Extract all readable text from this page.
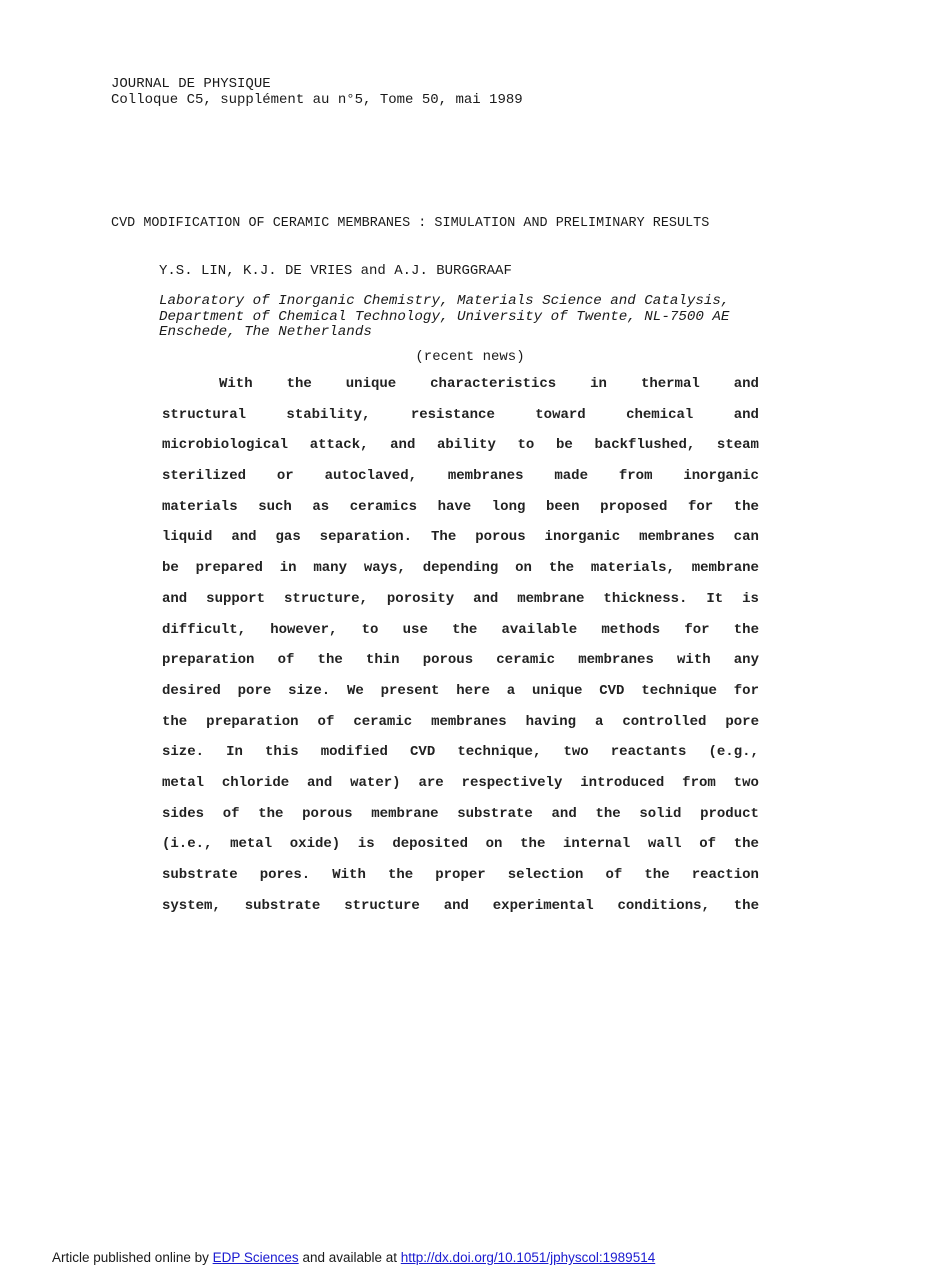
JOURNAL DE PHYSIQUE
Colloque C5, supplément au n°5, Tome 50, mai 1989
CVD MODIFICATION OF CERAMIC MEMBRANES : SIMULATION AND PRELIMINARY RESULTS
Y.S. LIN, K.J. DE VRIES and A.J. BURGGRAAF
Laboratory of Inorganic Chemistry, Materials Science and Catalysis,
Department of Chemical Technology, University of Twente, NL-7500 AE
Enschede, The Netherlands
(recent news)
With the unique characteristics in thermal and
structural	stability,	resistance	toward	chemical	and
microbiological attack, and ability to be backflushed, steam
sterilized or autoclaved, membranes made from inorganic
materials such as ceramics have long been proposed for the
liquid and gas separation. The porous inorganic membranes can
be prepared in many ways, depending on the materials, membrane
and support structure, porosity and membrane thickness. It is
difficult, however, to use the available methods for the
preparation of the thin porous ceramic membranes with any
desired pore size. We present here a unique CVD technique for
the preparation of ceramic membranes having a controlled pore
size. In this modified CVD technique, two reactants (e.g.,
metal chloride and water) are respectively introduced from two
sides of the porous membrane substrate and the solid product
(i.e., metal oxide) is deposited on the internal wall of the
substrate pores. With the proper selection of the reaction
system, substrate structure and experimental conditions, the
Article published online by EDP Sciences and available at http://dx.doi.org/10.1051/jphyscol:1989514
